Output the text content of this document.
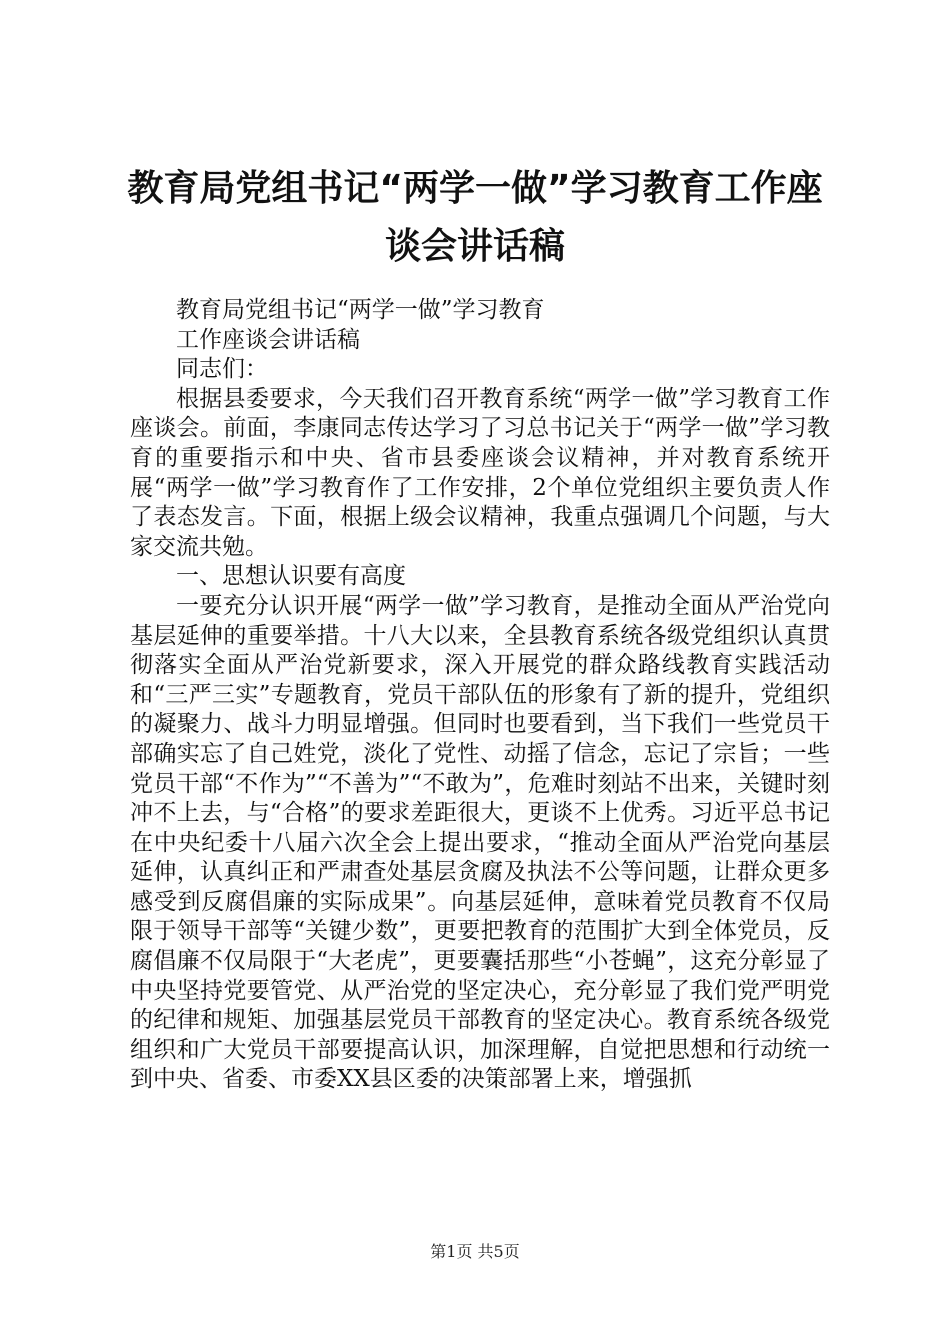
教育局党组书记“两学一做”学习教育工作座谈会讲话稿

教育局党组书记“两学一做”学习教育

工作座谈会讲话稿

同志们：

根据县委要求，今天我们召开教育系统“两学一做”学习教育工作座谈会。前面，李康同志传达学习了习总书记关于“两学一做”学习教育的重要指示和中央、省市县委座谈会议精神，并对教育系统开展“两学一做”学习教育作了工作安排，2个单位党组织主要负责人作了表态发言。下面，根据上级会议精神，我重点强调几个问题，与大家交流共勉。

一、思想认识要有高度

一要充分认识开展“两学一做”学习教育，是推动全面从严治党向基层延伸的重要举措。十八大以来，全县教育系统各级党组织认真贯彻落实全面从严治党新要求，深入开展党的群众路线教育实践活动和“三严三实”专题教育，党员干部队伍的形象有了新的提升，党组织的凝聚力、战斗力明显增强。但同时也要看到，当下我们一些党员干部确实忘了自己姓党，淡化了党性、动摇了信念，忘记了宗旨；一些党员干部“不作为”“不善为”“不敢为”，危难时刻站不出来，关键时刻冲不上去，与“合格”的要求差距很大，更谈不上优秀。习近平总书记在中央纪委十八届六次全会上提出要求，“推动全面从严治党向基层延伸，认真纠正和严肃查处基层贪腐及执法不公等问题，让群众更多感受到反腐倡廉的实际成果”。向基层延伸，意味着党员教育不仅局限于领导干部等“关键少数”，更要把教育的范围扩大到全体党员，反腐倡廉不仅局限于“大老虎”，更要囊括那些“小苍蝇”，这充分彰显了中央坚持党要管党、从严治党的坚定决心，充分彰显了我们党严明党的纪律和规矩、加强基层党员干部教育的坚定决心。教育系统各级党组织和广大党员干部要提高认识，加深理解，自觉把思想和行动统一到中央、省委、市委XX县区委的决策部署上来，增强抓

第1页 共5页
